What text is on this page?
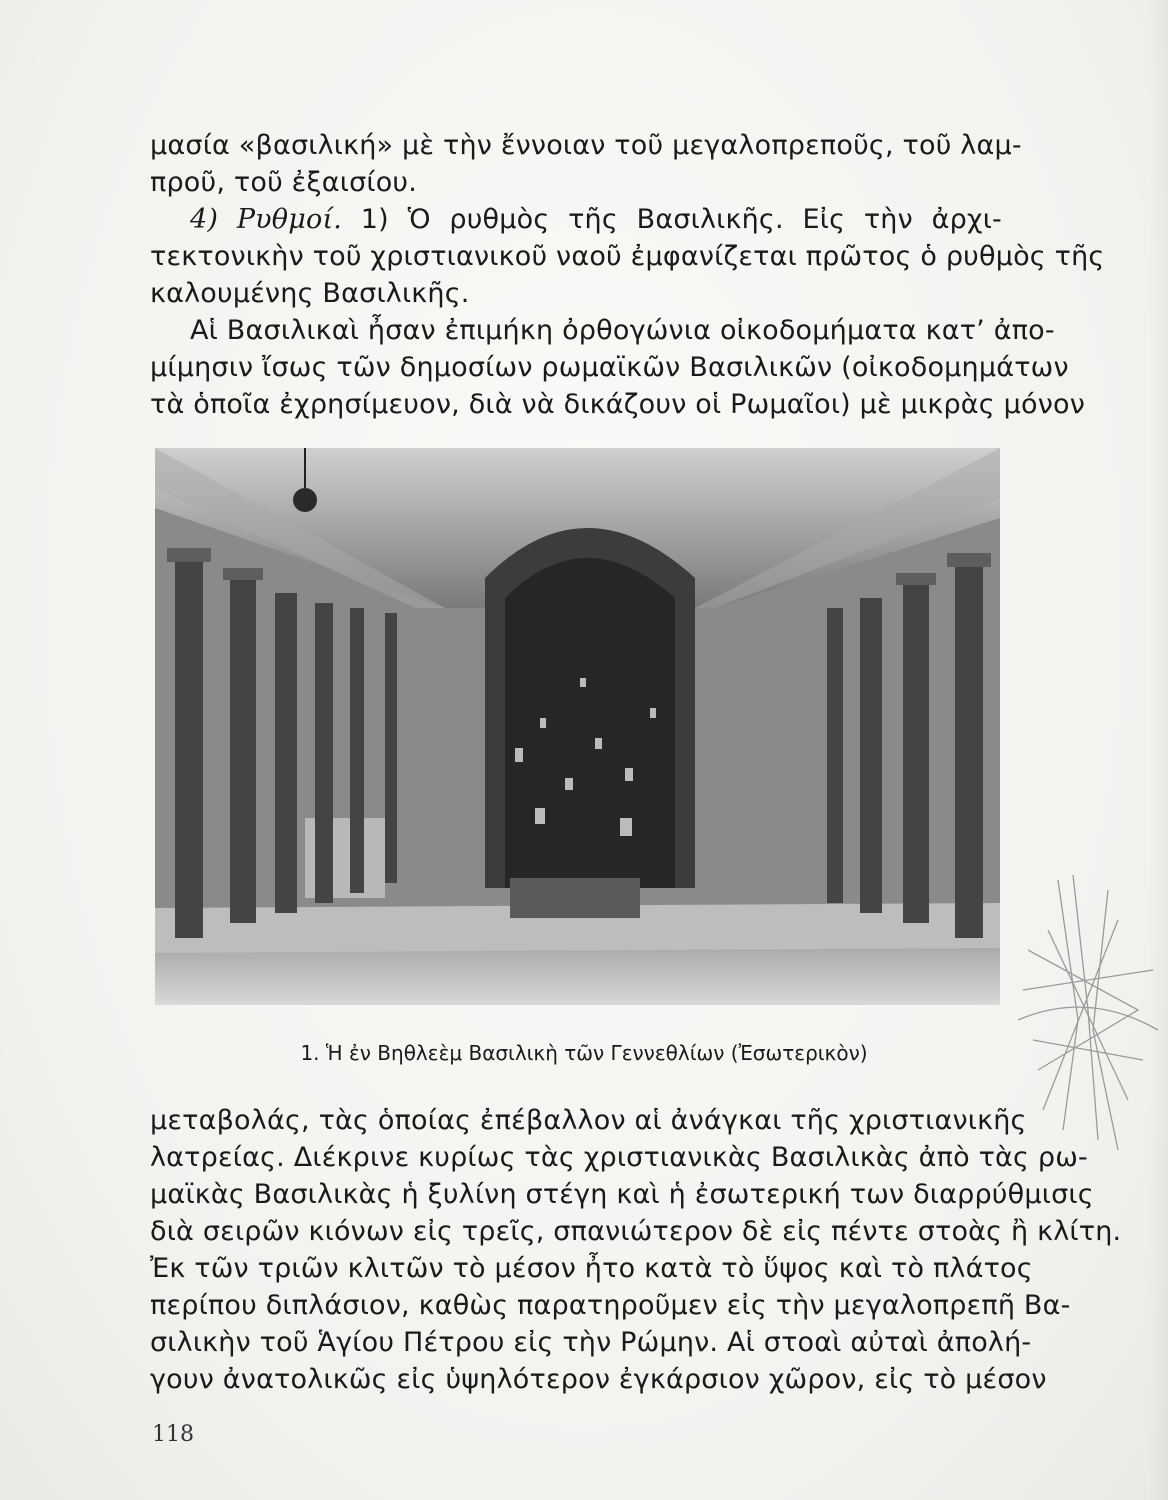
μασία «βασιλική» μὲ τὴν ἔννοιαν τοῦ μεγαλοπρεποῦς, τοῦ λαμ-
προῦ, τοῦ ἐξαισίου.
4) Ρυθμοί. 1) Ὁ ρυθμὸς τῆς Βασιλικῆς. Εἰς τὴν ἀρχι-
τεκτονικὴν τοῦ χριστιανικοῦ ναοῦ ἐμφανίζεται πρῶτος ὁ ρυθμὸς τῆς
καλουμένης Βασιλικῆς.
Αἱ Βασιλικαὶ ἦσαν ἐπιμήκη ὀρθογώνια οἰκοδομήματα κατ’ ἀπο-
μίμησιν ἴσως τῶν δημοσίων ρωμαϊκῶν Βασιλικῶν (οἰκοδομημάτων
τὰ ὁποῖα ἐχρησίμευον, διὰ νὰ δικάζουν οἱ Ρωμαῖοι) μὲ μικρὰς μόνον
1. Ἡ ἐν Βηθλεὲμ Βασιλικὴ τῶν Γεννεθλίων (Ἐσωτερικὸν)
μεταβολάς, τὰς ὁποίας ἐπέβαλλον αἱ ἀνάγκαι τῆς χριστιανικῆς
λατρείας. Διέκρινε κυρίως τὰς χριστιανικὰς Βασιλικὰς ἀπὸ τὰς ρω-
μαϊκὰς Βασιλικὰς ἡ ξυλίνη στέγη καὶ ἡ ἐσωτερική των διαρρύθμισις
διὰ σειρῶν κιόνων εἰς τρεῖς, σπανιώτερον δὲ εἰς πέντε στοὰς ἢ κλίτη.
Ἐκ τῶν τριῶν κλιτῶν τὸ μέσον ἦτο κατὰ τὸ ὕψος καὶ τὸ πλάτος
περίπου διπλάσιον, καθὼς παρατηροῦμεν εἰς τὴν μεγαλοπρεπῆ Βα-
σιλικὴν τοῦ Ἁγίου Πέτρου εἰς τὴν Ρώμην. Αἱ στοαὶ αὐταὶ ἀπολή-
γουν ἀνατολικῶς εἰς ὑψηλότερον ἐγκάρσιον χῶρον, εἰς τὸ μέσον
118
